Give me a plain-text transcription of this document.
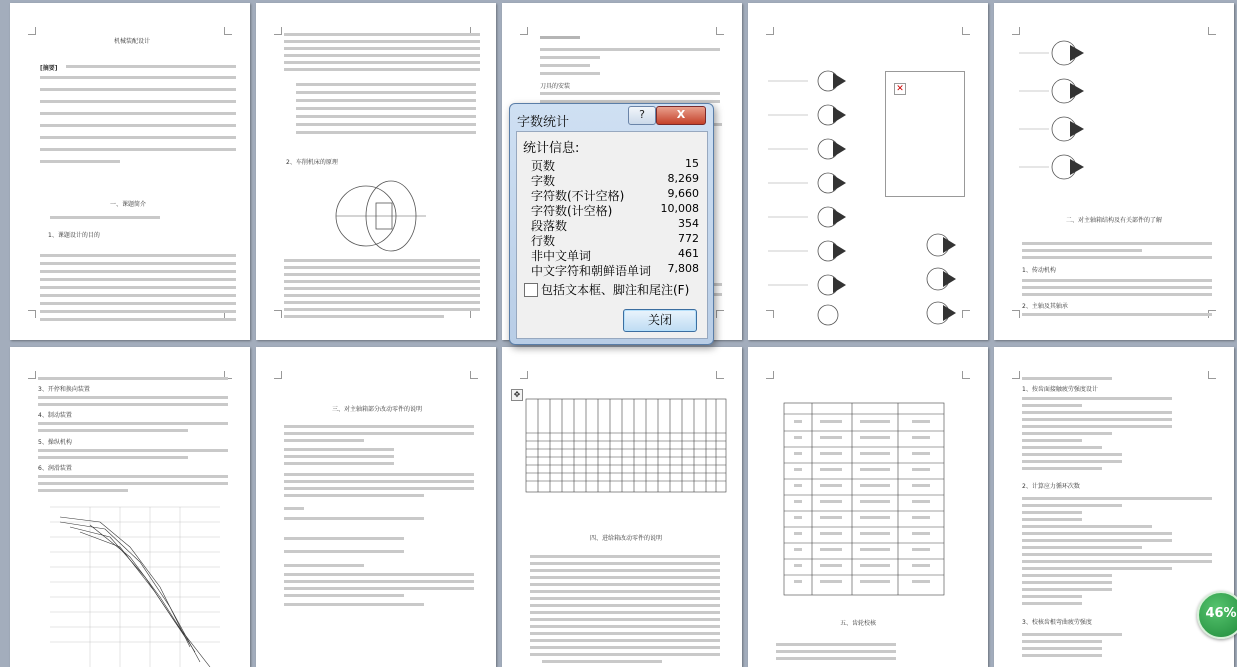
机械装配设计
[摘要]
一、课题简介
1、课题设计的目的
2、车削机床的原理
刀具的安装	✕
二、对主轴箱结构及有关部件的了解
1、传动机构
2、主轴及其轴承
3、开停和换向装置
4、制动装置
5、操纵机构
6、润滑装置
三、对主轴箱部分改动零件的说明
✥
四、进给箱改动零件的说明
五、齿轮校核
1、按齿面接触疲劳强度设计
2、计算应力循环次数
3、校核齿根弯曲疲劳强度
字数统计
?	X
统计信息:
页数	15
字数	8,269
字符数(不计空格)	9,660
字符数(计空格)	10,008
段落数	354
行数	772
非中文单词	461
中文字符和朝鲜语单词 7,808
包括文本框、脚注和尾注(F)
关闭
46%
